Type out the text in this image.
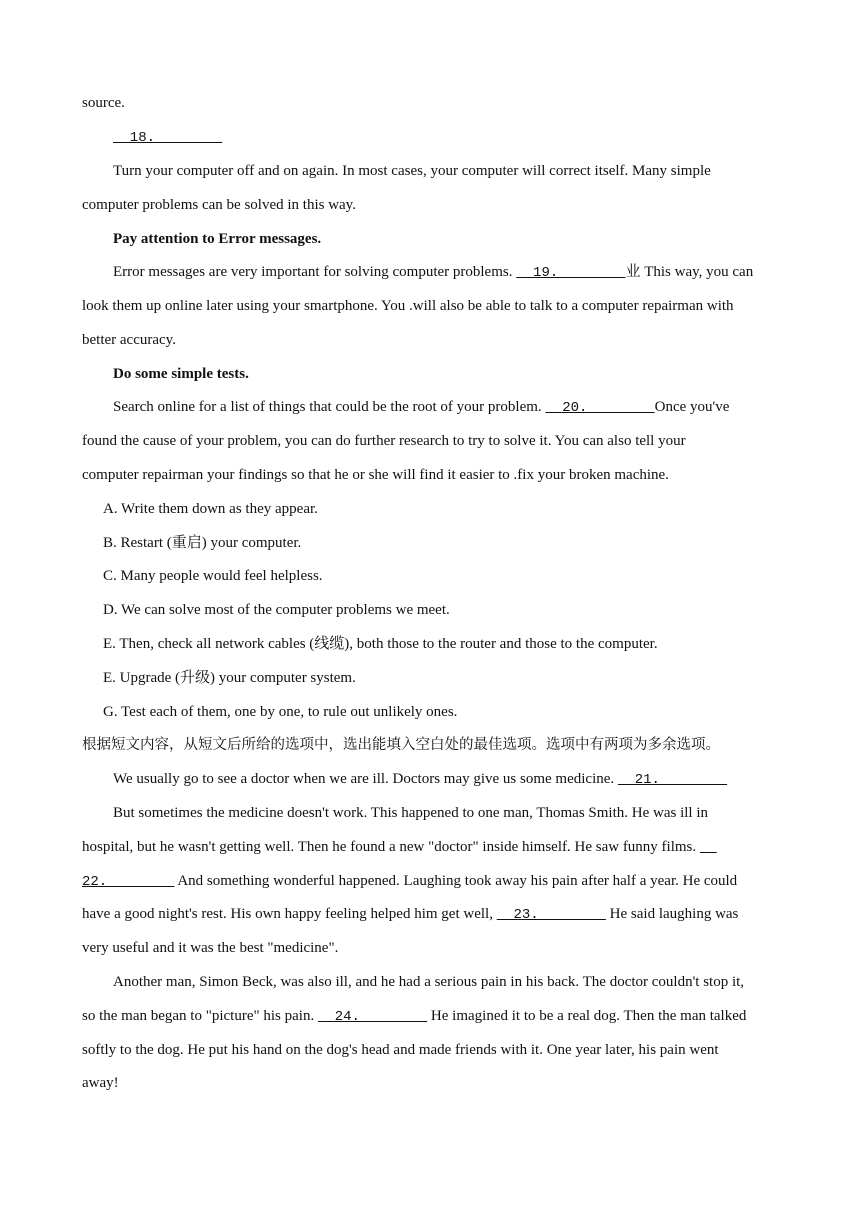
source.
18.
Turn your computer off and on again. In most cases, your computer will correct itself. Many simple
computer problems can be solved in this way.
Pay attention to Error messages.
Error messages are very important for solving computer problems.   19.        业 This way, you can
look them up online later using your smartphone. You .will also be able to talk to a computer repairman with
better accuracy.
Do some simple tests.
Search online for a list of things that could be the root of your problem.   20.        Once you've
found the cause of your problem, you can do further research to try to solve it. You can also tell your
computer repairman your findings so that he or she will find it easier to .fix your broken machine.
A. Write them down as they appear.
B. Restart (重启) your computer.
C. Many people would feel helpless.
D. We can solve most of the computer problems we meet.
E. Then, check all network cables (线缆), both those to the router and those to the computer.
E. Upgrade (升级) your computer system.
G. Test each of them, one by one, to rule out unlikely ones.
根据短文内容，从短文后所给的选项中，选出能填入空白处的最佳选项。选项中有两项为多余选项。
We usually go to see a doctor when we are ill. Doctors may give us some medicine.   21.
But sometimes the medicine doesn't work. This happened to one man, Thomas Smith. He was ill in
hospital, but he wasn't getting well. Then he found a new "doctor" inside himself. He saw funny films.
22.         And something wonderful happened. Laughing took away his pain after half a year. He could
have a good night's rest. His own happy feeling helped him get well,   23.         He said laughing was
very useful and it was the best "medicine".
Another man, Simon Beck, was also ill, and he had a serious pain in his back. The doctor couldn't stop it,
so the man began to "picture" his pain.   24.         He imagined it to be a real dog. Then the man talked
softly to the dog. He put his hand on the dog's head and made friends with it. One year later, his pain went
away!
